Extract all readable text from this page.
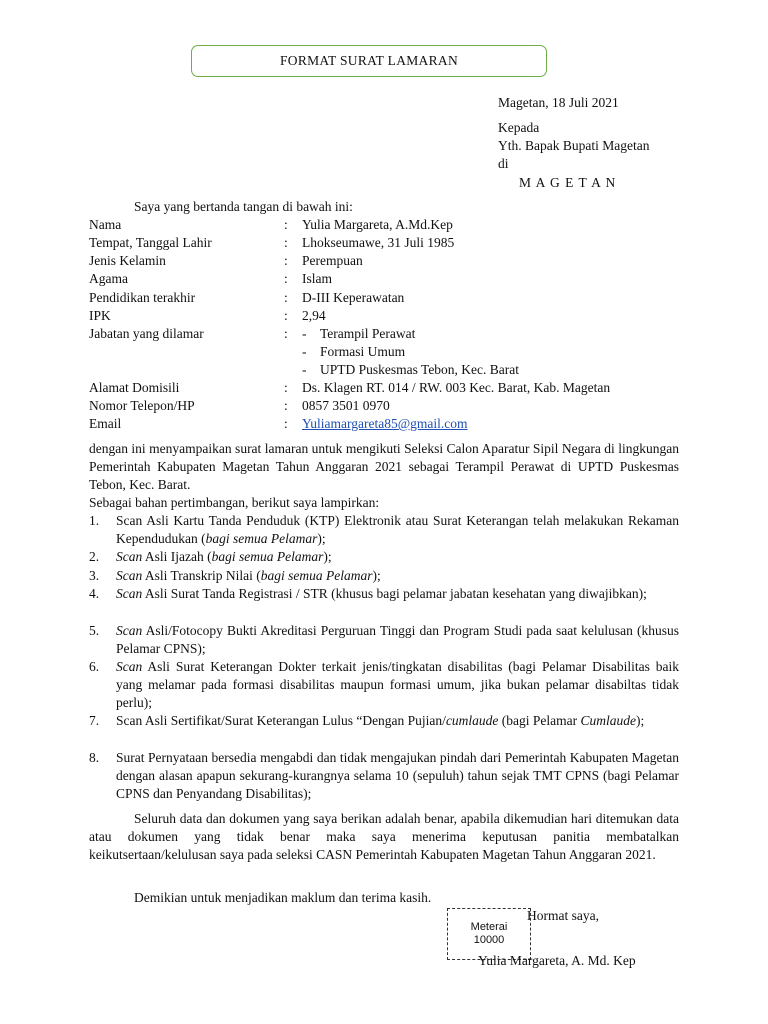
FORMAT SURAT LAMARAN
Magetan, 18 Juli 2021
Kepada
Yth. Bapak Bupati Magetan
di
M A G E T A N
Saya yang bertanda tangan di bawah ini:
Nama	: Yulia Margareta, A.Md.Kep
Tempat, Tanggal Lahir	: Lhokseumawe, 31 Juli 1985
Jenis Kelamin	: Perempuan
Agama	: Islam
Pendidikan terakhir	: D-III Keperawatan
IPK	: 2,94
Jabatan yang dilamar	: - Terampil Perawat
- Formasi Umum
- UPTD Puskesmas Tebon, Kec. Barat
Alamat Domisili	: Ds. Klagen RT. 014 / RW. 003 Kec. Barat, Kab. Magetan
Nomor Telepon/HP	: 0857 3501 0970
Email	: Yuliamargareta85@gmail.com
dengan ini menyampaikan surat lamaran untuk mengikuti Seleksi Calon Aparatur Sipil Negara di lingkungan Pemerintah Kabupaten Magetan Tahun Anggaran 2021 sebagai Terampil Perawat di UPTD Puskesmas Tebon, Kec. Barat.
Sebagai bahan pertimbangan, berikut saya lampirkan:
1. Scan Asli Kartu Tanda Penduduk (KTP) Elektronik atau Surat Keterangan telah melakukan Rekaman Kependudukan (bagi semua Pelamar);
2. Scan Asli Ijazah (bagi semua Pelamar);
3. Scan Asli Transkrip Nilai (bagi semua Pelamar);
4. Scan Asli Surat Tanda Registrasi / STR (khusus bagi pelamar jabatan kesehatan yang diwajibkan);
5. Scan Asli/Fotocopy Bukti Akreditasi Perguruan Tinggi dan Program Studi pada saat kelulusan (khusus Pelamar CPNS);
6. Scan Asli Surat Keterangan Dokter terkait jenis/tingkatan disabilitas (bagi Pelamar Disabilitas baik yang melamar pada formasi disabilitas maupun formasi umum, jika bukan pelamar disabiltas tidak perlu);
7. Scan Asli Sertifikat/Surat Keterangan Lulus “Dengan Pujian/cumlaude (bagi Pelamar Cumlaude);
8. Surat Pernyataan bersedia mengabdi dan tidak mengajukan pindah dari Pemerintah Kabupaten Magetan dengan alasan apapun sekurang-kurangnya selama 10 (sepuluh) tahun sejak TMT CPNS (bagi Pelamar CPNS dan Penyandang Disabilitas);
Seluruh data dan dokumen yang saya berikan adalah benar, apabila dikemudian hari ditemukan data atau dokumen yang tidak benar maka saya menerima keputusan panitia membatalkan keikutsertaan/kelulusan saya pada seleksi CASN Pemerintah Kabupaten Magetan Tahun Anggaran 2021.
Demikian untuk menjadikan maklum dan terima kasih.
Hormat saya,
Meterai
10000
Yulia Margareta, A. Md. Kep
